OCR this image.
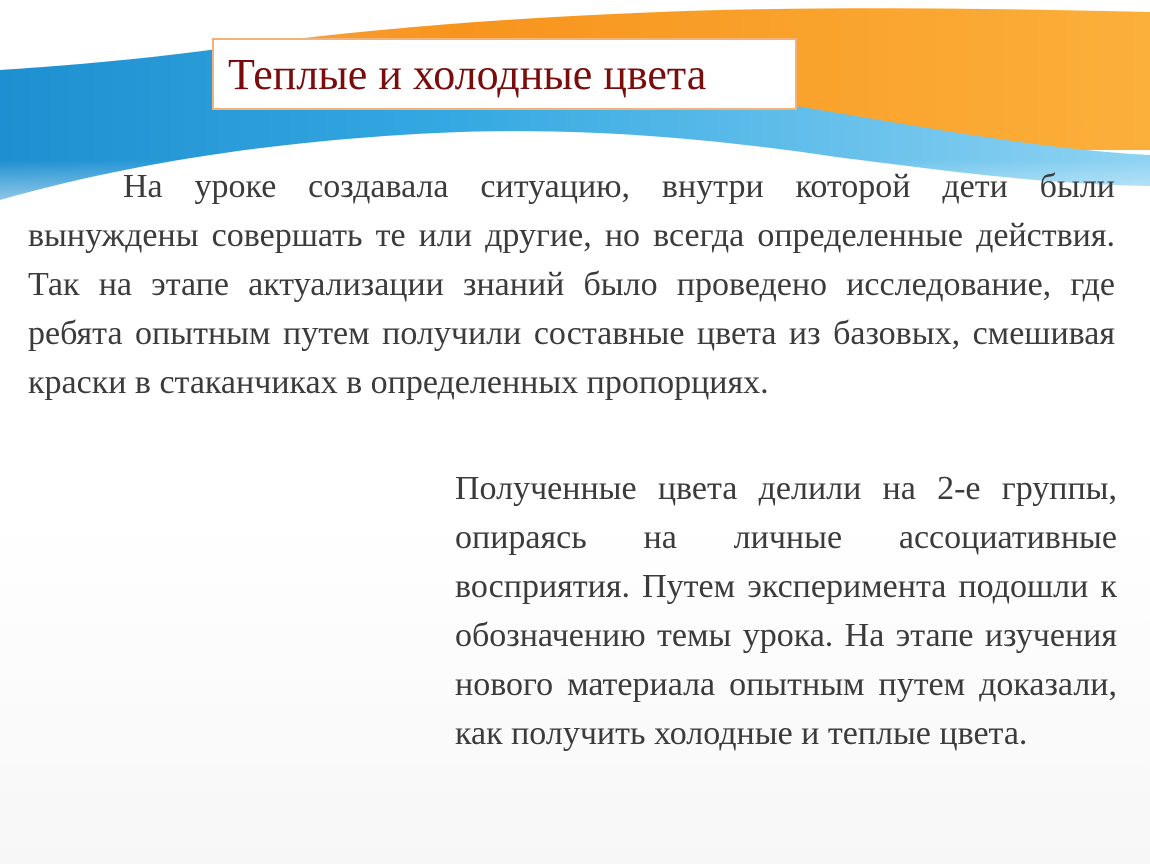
Теплые и холодные цвета

На уроке создавала ситуацию, внутри которой дети были вынуждены совершать те или другие, но всегда определенные действия. Так на этапе актуализации знаний было проведено исследование, где ребята опытным путем получили составные цвета из базовых, смешивая краски в стаканчиках в определенных пропорциях.

Полученные цвета делили на 2-е группы, опираясь на личные ассоциативные восприятия. Путем эксперимента подошли к обозначению темы урока. На этапе изучения нового материала опытным путем доказали, как получить холодные и теплые цвета.
